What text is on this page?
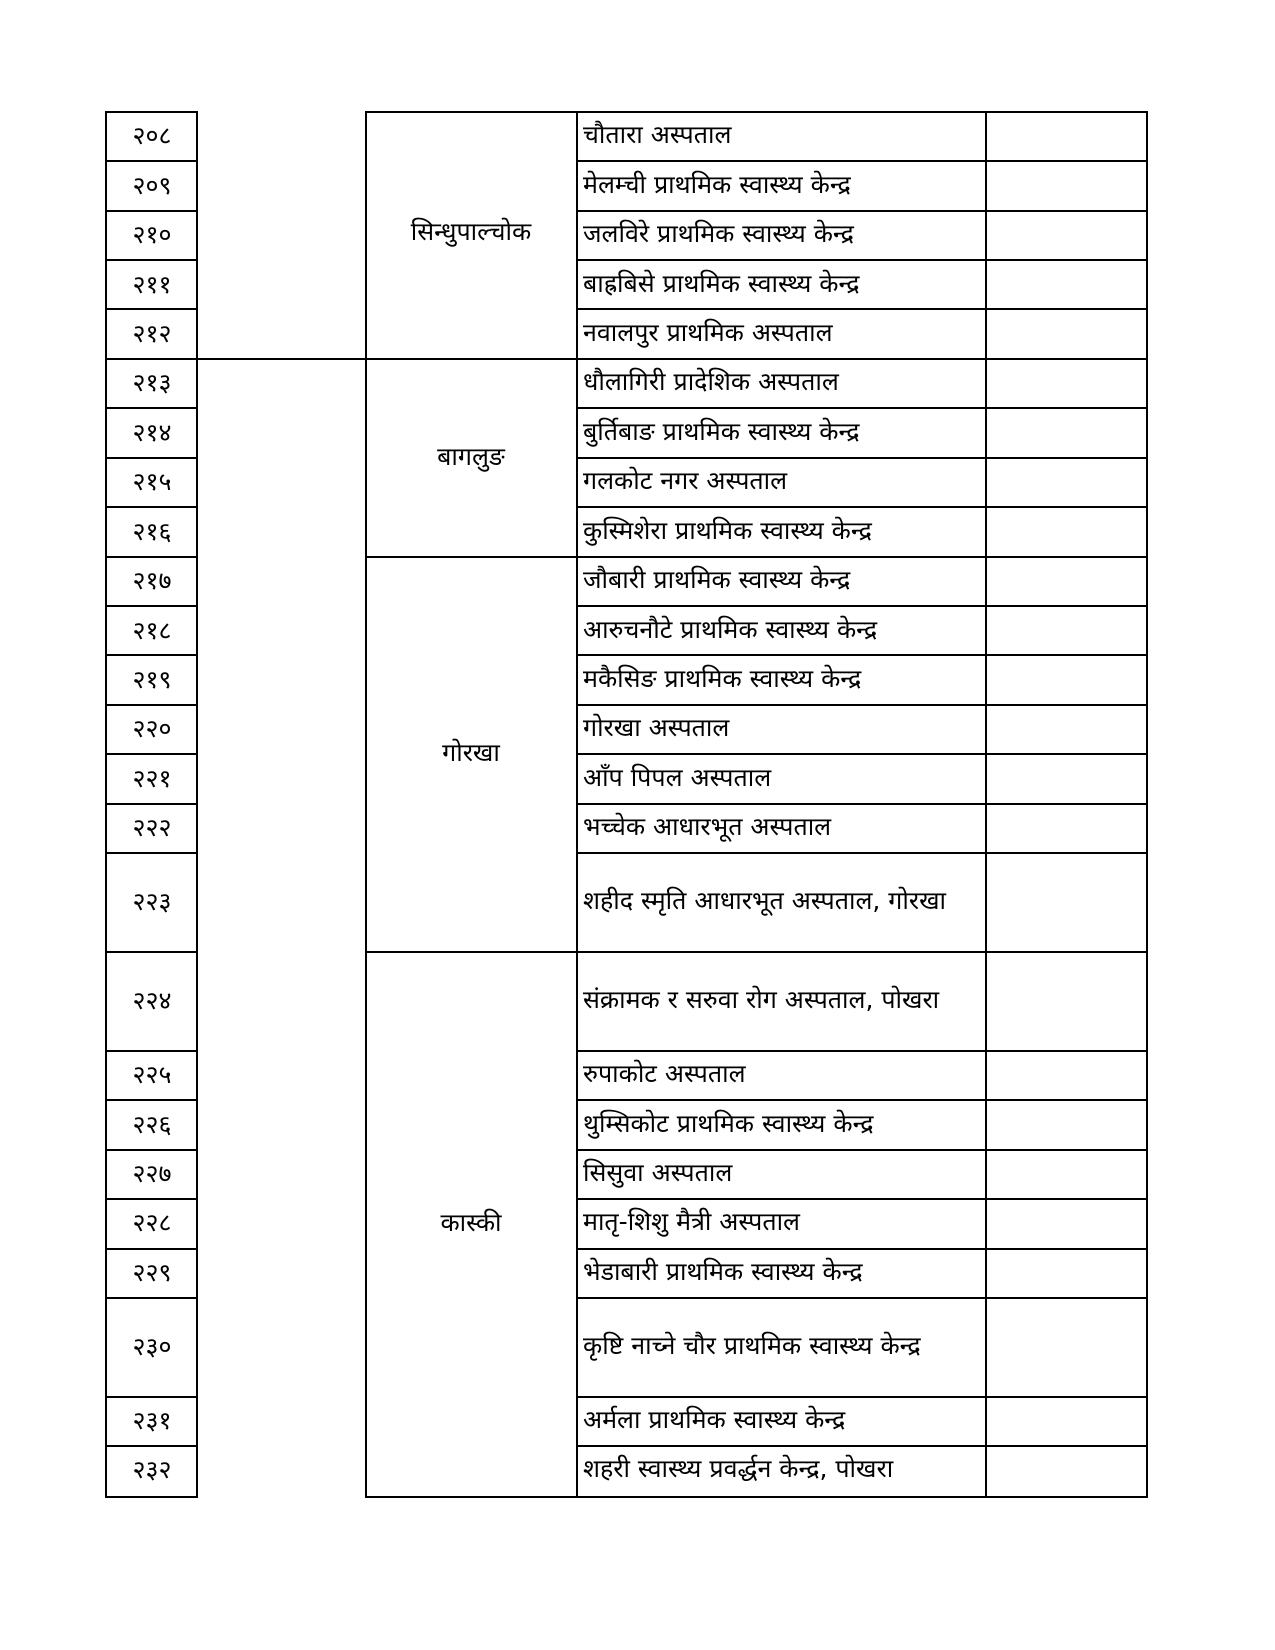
२०८
२०९
२१०
२११
२१२
२१३
२१४
२१५
२१६
२१७
२१८
२१९
२२०
२२१
२२२
२२३
२२४
२२५
२२६
२२७
२२८
२२९
२३०
२३१
२३२
सिन्धुपाल्चोक
बागलुङ
गोरखा
कास्की
चौतारा अस्पताल
मेलम्ची प्राथमिक स्वास्थ्य केन्द्र
जलविरे प्राथमिक स्वास्थ्य केन्द्र
बाह्रबिसे प्राथमिक स्वास्थ्य केन्द्र
नवालपुर प्राथमिक अस्पताल
धौलागिरी प्रादेशिक अस्पताल
बुर्तिबाङ प्राथमिक स्वास्थ्य केन्द्र
गलकोट नगर अस्पताल
कुस्मिशेरा प्राथमिक स्वास्थ्य केन्द्र
जौबारी प्राथमिक स्वास्थ्य केन्द्र
आरुचनौटे प्राथमिक स्वास्थ्य केन्द्र
मकैसिङ प्राथमिक स्वास्थ्य केन्द्र
गोरखा अस्पताल
आँप पिपल अस्पताल
भच्चेक आधारभूत अस्पताल
शहीद स्मृति आधारभूत अस्पताल, गोरखा
संक्रामक र सरुवा रोग अस्पताल, पोखरा
रुपाकोट अस्पताल
थुम्सिकोट प्राथमिक स्वास्थ्य केन्द्र
सिसुवा अस्पताल
मातृ-शिशु मैत्री अस्पताल
भेडाबारी प्राथमिक स्वास्थ्य केन्द्र
कृष्टि नाच्ने चौर प्राथमिक स्वास्थ्य केन्द्र
अर्मला प्राथमिक स्वास्थ्य केन्द्र
शहरी स्वास्थ्य प्रवर्द्धन केन्द्र, पोखरा
